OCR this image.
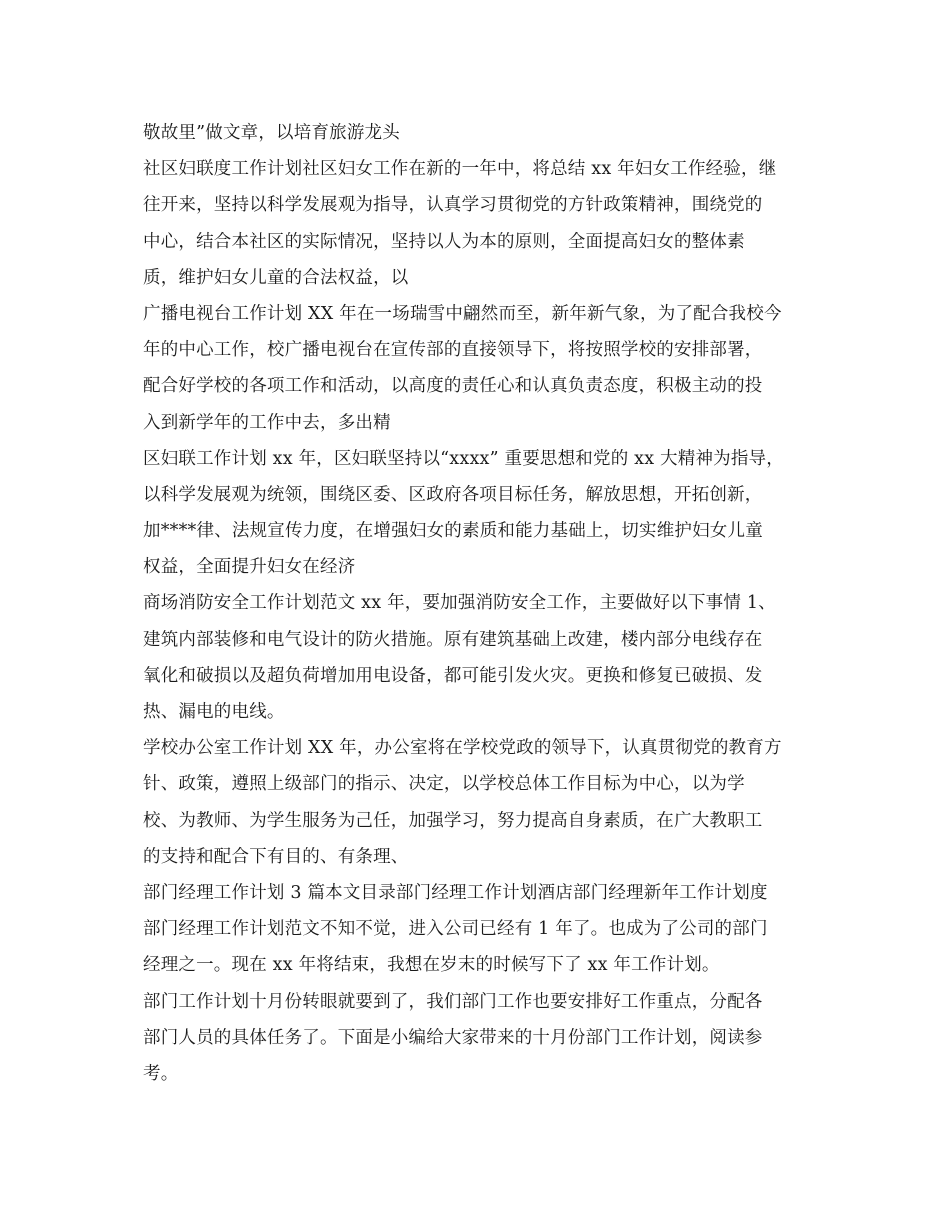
敬故里”做文章，以培育旅游龙头
社区妇联度工作计划社区妇女工作在新的一年中，将总结 xx 年妇女工作经验，继
往开来，坚持以科学发展观为指导，认真学习贯彻党的方针政策精神，围绕党的
中心，结合本社区的实际情况，坚持以人为本的原则，全面提高妇女的整体素
质，维护妇女儿童的合法权益，以
广播电视台工作计划 XX 年在一场瑞雪中翩然而至，新年新气象，为了配合我校今
年的中心工作，校广播电视台在宣传部的直接领导下，将按照学校的安排部署，
配合好学校的各项工作和活动，以高度的责任心和认真负责态度，积极主动的投
入到新学年的工作中去，多出精
区妇联工作计划 xx 年，区妇联坚持以“xxxx” 重要思想和党的 xx 大精神为指导，
以科学发展观为统领，围绕区委、区政府各项目标任务，解放思想，开拓创新，
加****律、法规宣传力度，在增强妇女的素质和能力基础上，切实维护妇女儿童
权益，全面提升妇女在经济
商场消防安全工作计划范文 xx 年，要加强消防安全工作，主要做好以下事情 1、
建筑内部装修和电气设计的防火措施。原有建筑基础上改建，楼内部分电线存在
氧化和破损以及超负荷增加用电设备，都可能引发火灾。更换和修复已破损、发
热、漏电的电线。
学校办公室工作计划 XX 年，办公室将在学校党政的领导下，认真贯彻党的教育方
针、政策，遵照上级部门的指示、决定，以学校总体工作目标为中心，以为学
校、为教师、为学生服务为己任，加强学习，努力提高自身素质，在广大教职工
的支持和配合下有目的、有条理、
部门经理工作计划 3 篇本文目录部门经理工作计划酒店部门经理新年工作计划度
部门经理工作计划范文不知不觉，进入公司已经有 1 年了。也成为了公司的部门
经理之一。现在 xx 年将结束，我想在岁末的时候写下了 xx 年工作计划。
部门工作计划十月份转眼就要到了，我们部门工作也要安排好工作重点，分配各
部门人员的具体任务了。下面是小编给大家带来的十月份部门工作计划，阅读参
考。
